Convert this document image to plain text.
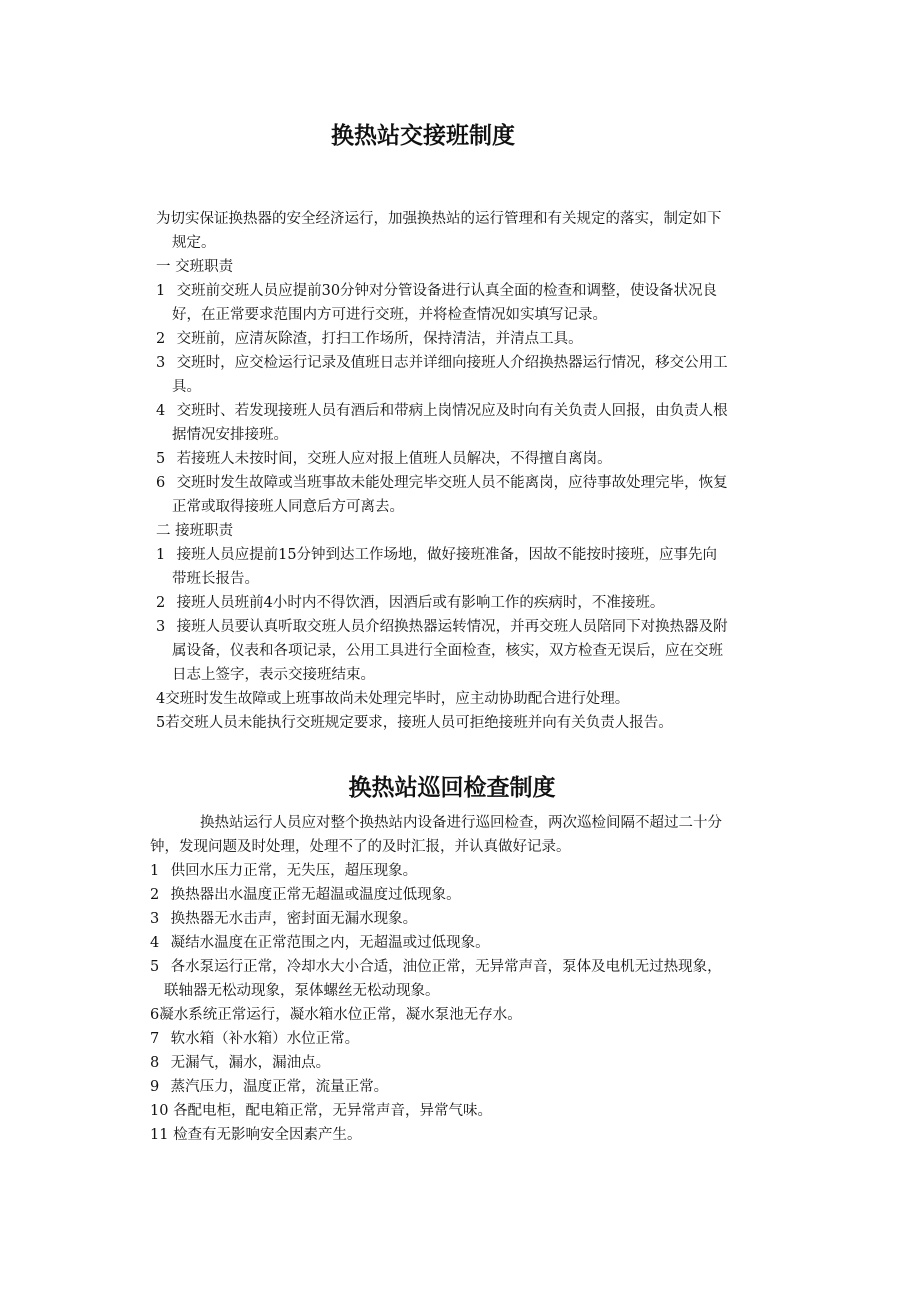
换热站交接班制度

为切实保证换热器的安全经济运行，加强换热站的运行管理和有关规定的落实，制定如下

规定。

一 交班职责

1 交班前交班人员应提前30分钟对分管设备进行认真全面的检查和调整，使设备状况良

好，在正常要求范围内方可进行交班，并将检查情况如实填写记录。

2 交班前，应清灰除渣，打扫工作场所，保持清洁，并清点工具。

3 交班时，应交检运行记录及值班日志并详细向接班人介绍换热器运行情况，移交公用工

具。

4 交班时、若发现接班人员有酒后和带病上岗情况应及时向有关负责人回报，由负责人根

据情况安排接班。

5 若接班人未按时间，交班人应对报上值班人员解决，不得擅自离岗。

6 交班时发生故障或当班事故未能处理完毕交班人员不能离岗，应待事故处理完毕，恢复

正常或取得接班人同意后方可离去。

二 接班职责

1 接班人员应提前15分钟到达工作场地，做好接班准备，因故不能按时接班，应事先向

带班长报告。

2 接班人员班前4小时内不得饮酒，因酒后或有影响工作的疾病时，不准接班。

3 接班人员要认真听取交班人员介绍换热器运转情况，并再交班人员陪同下对换热器及附

属设备，仪表和各项记录，公用工具进行全面检查，核实，双方检查无误后，应在交班

日志上签字，表示交接班结束。

4交班时发生故障或上班事故尚未处理完毕时，应主动协助配合进行处理。

5若交班人员未能执行交班规定要求，接班人员可拒绝接班并向有关负责人报告。

换热站巡回检查制度

换热站运行人员应对整个换热站内设备进行巡回检查，两次巡检间隔不超过二十分

钟，发现问题及时处理，处理不了的及时汇报，并认真做好记录。

1 供回水压力正常，无失压，超压现象。

2 换热器出水温度正常无超温或温度过低现象。

3 换热器无水击声，密封面无漏水现象。

4 凝结水温度在正常范围之内，无超温或过低现象。

5 各水泵运行正常，冷却水大小合适，油位正常，无异常声音，泵体及电机无过热现象，

联轴器无松动现象，泵体螺丝无松动现象。

6凝水系统正常运行，凝水箱水位正常，凝水泵池无存水。

7 软水箱（补水箱）水位正常。

8 无漏气，漏水，漏油点。

9 蒸汽压力，温度正常，流量正常。

10 各配电柜，配电箱正常，无异常声音，异常气味。

11 检查有无影响安全因素产生。
